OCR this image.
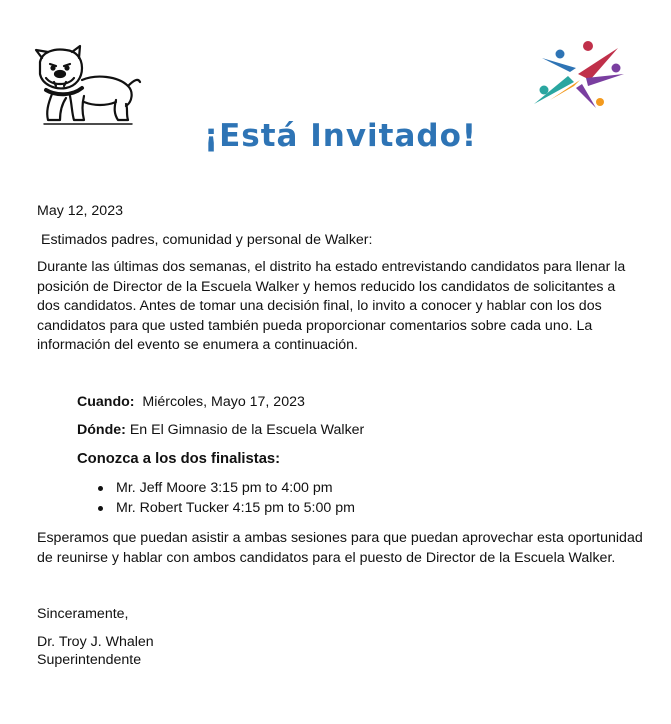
¡Está Invitado!

May 12, 2023

Estimados padres, comunidad y personal de Walker:

Durante las últimas dos semanas, el distrito ha estado entrevistando candidatos para llenar la posición de Director de la Escuela Walker y hemos reducido los candidatos de solicitantes a dos candidatos. Antes de tomar una decisión final, lo invito a conocer y hablar con los dos candidatos para que usted también pueda proporcionar comentarios sobre cada uno. La información del evento se enumera a continuación.

Cuando: Miércoles, Mayo 17, 2023
Dónde: En El Gimnasio de la Escuela Walker
Conozca a los dos finalistas:
Mr. Jeff Moore 3:15 pm to 4:00 pm
Mr. Robert Tucker 4:15 pm to 5:00 pm

Esperamos que puedan asistir a ambas sesiones para que puedan aprovechar esta oportunidad de reunirse y hablar con ambos candidatos para el puesto de Director de la Escuela Walker.

Sinceramente,

Dr. Troy J. Whalen
Superintendente
